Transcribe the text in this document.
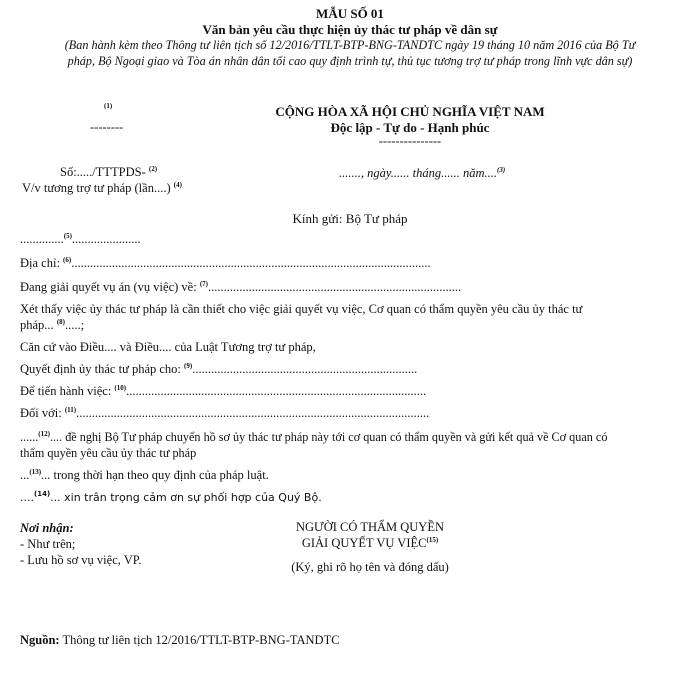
MẪU SỐ 01
Văn bản yêu cầu thực hiện ủy thác tư pháp về dân sự
(Ban hành kèm theo Thông tư liên tịch số 12/2016/TTLT-BTP-BNG-TANDTC ngày 19 tháng 10 năm 2016 của Bộ Tư
pháp, Bộ Ngoại giao và Tòa án nhân dân tối cao quy định trình tự, thủ tục tương trợ tư pháp trong lĩnh vực dân sự)
$^{(1)}$
--------
CỘNG HÒA XÃ HỘI CHỦ NGHĨA VIỆT NAM
Độc lập - Tự do - Hạnh phúc
---------------
Số:...../TTTPDS- $^{(2)}$
V/v tương trợ tư pháp (lần....) $^{(4)}$
......., ngày...... tháng...... năm....$^{(3)}$
Kính gửi: Bộ Tư pháp
..............$^{(5)}$......................
Địa chỉ: $^{(6)}$...................................................................................................................
Đang giải quyết vụ án (vụ việc) về: $^{(7)}$.................................................................................
Xét thấy việc ủy thác tư pháp là cần thiết cho việc giải quyết vụ việc, Cơ quan có thẩm quyền yêu cầu ủy thác tư
pháp... $^{(8)}$.....;
Căn cứ vào Điều.... và Điều.... của Luật Tương trợ tư pháp,
Quyết định ủy thác tư pháp cho: $^{(9)}$........................................................................
Để tiến hành việc: $^{(10)}$................................................................................................
Đối với: $^{(11)}$.................................................................................................................
......$^{(12)}$.... đề nghị Bộ Tư pháp chuyển hồ sơ ủy thác tư pháp này tới cơ quan có thẩm quyền và gửi kết quả về Cơ quan có
thẩm quyền yêu cầu ủy thác tư pháp
...$^{(13)}$... trong thời hạn theo quy định của pháp luật.
....$^{(14)}$... xin trân trọng cảm ơn sự phối hợp của Quý Bộ.
Nơi nhận:
- Như trên;
- Lưu hồ sơ vụ việc, VP.
NGƯỜI CÓ THẨM QUYỀN
GIẢI QUYẾT VỤ VIỆC$^{(15)}$
(Ký, ghi rõ họ tên và đóng dấu)
Nguồn: Thông tư liên tịch 12/2016/TTLT-BTP-BNG-TANDTC
